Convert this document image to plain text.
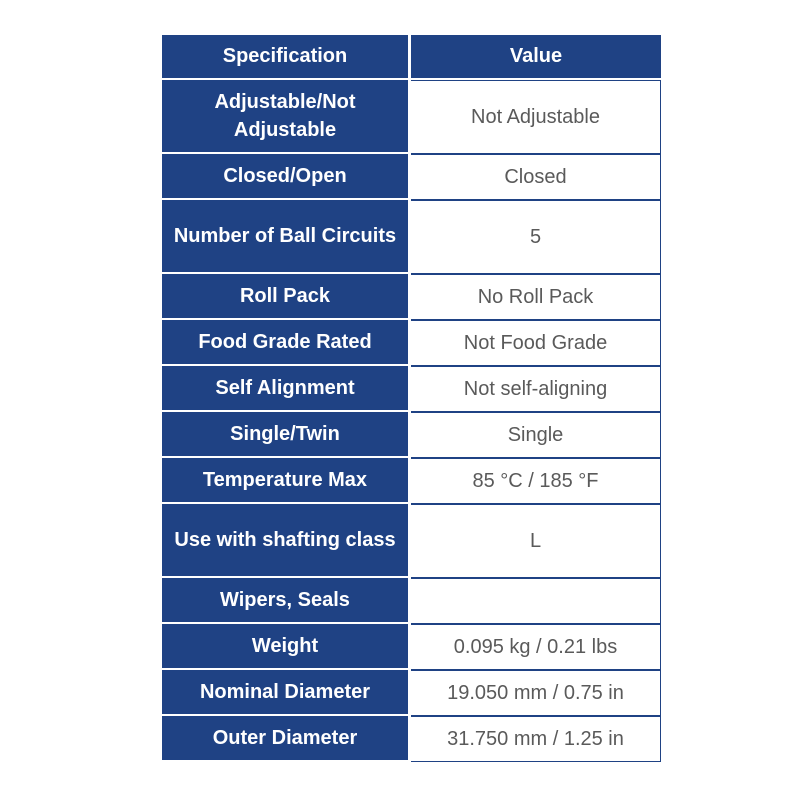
Specification	Value
Adjustable/Not Adjustable	Not Adjustable
Closed/Open	Closed
Number of Ball Circuits	5
Roll Pack	No Roll Pack
Food Grade Rated	Not Food Grade
Self Alignment	Not self-aligning
Single/Twin	Single
Temperature Max	85 °C / 185 °F
Use with shafting class	L
Wipers, Seals	
Weight	0.095 kg / 0.21 lbs
Nominal Diameter	19.050 mm / 0.75 in
Outer Diameter	31.750 mm / 1.25 in
